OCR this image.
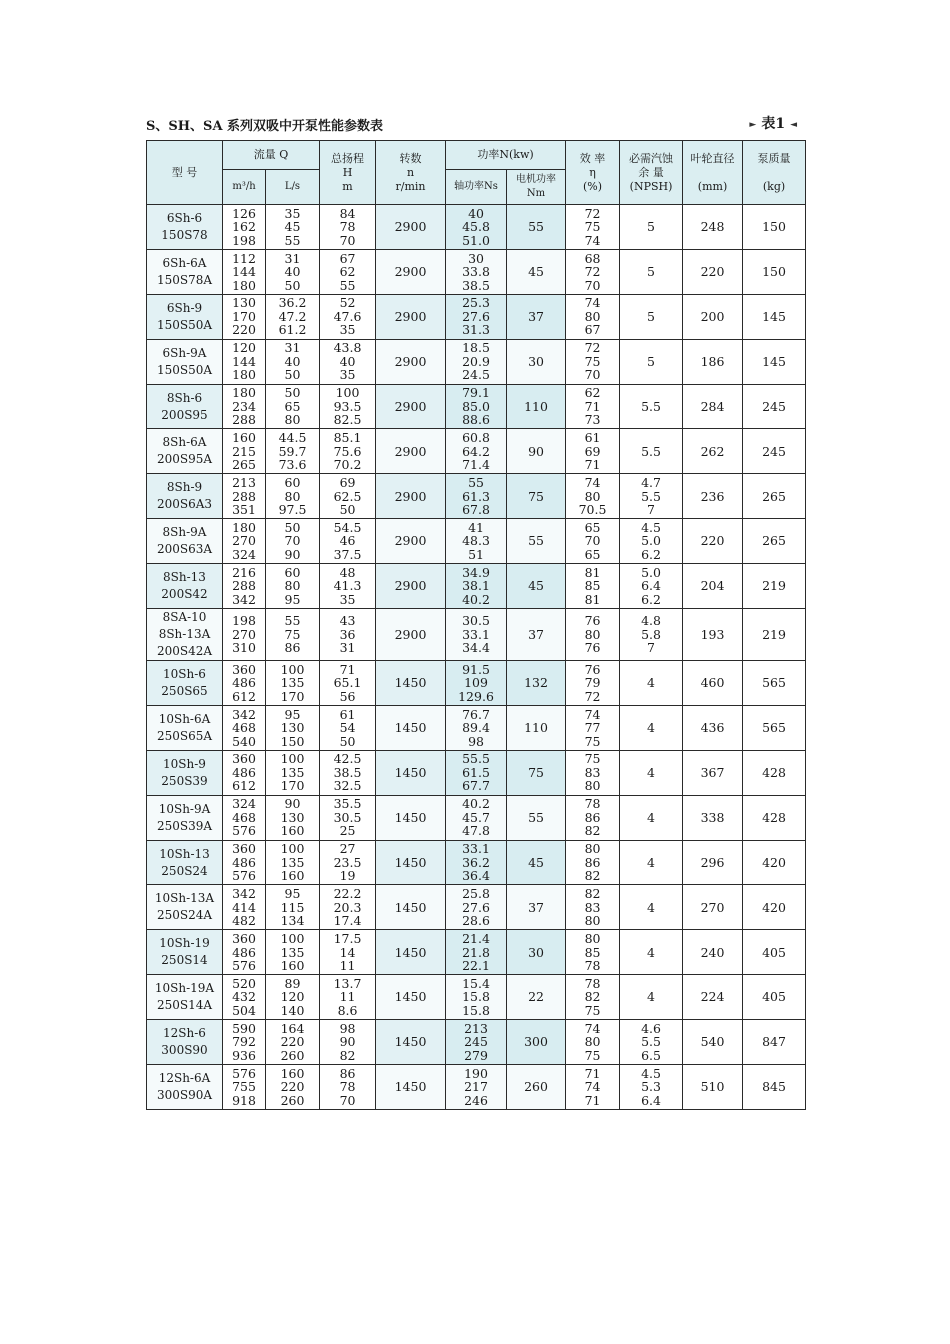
S、SH、SA 系列双吸中开泵性能参数表	► 表1 ◄
型 号	流量 Q		总扬程
H
m	转数
n
r/min	功率N(kw)		效 率
η
(%)	必需汽蚀
余 量
(NPSH)	叶轮直径

(mm)	泵质量

(kg)
	m³/h	L/s			轴功率Ns	电机功率Nm				

6Sh-6
150S78	126
162
198	35
45
55	84
78
70	2900	40
45.8
51.0	55	72
75
74	5	248	150

6Sh-6A
150S78A	112
144
180	31
40
50	67
62
55	2900	30
33.8
38.5	45	68
72
70	5	220	150

6Sh-9
150S50A	130
170
220	36.2
47.2
61.2	52
47.6
35	2900	25.3
27.6
31.3	37	74
80
67	5	200	145

6Sh-9A
150S50A	120
144
180	31
40
50	43.8
40
35	2900	18.5
20.9
24.5	30	72
75
70	5	186	145

8Sh-6
200S95	180
234
288	50
65
80	100
93.5
82.5	2900	79.1
85.0
88.6	110	62
71
73	5.5	284	245

8Sh-6A
200S95A	160
215
265	44.5
59.7
73.6	85.1
75.6
70.2	2900	60.8
64.2
71.4	90	61
69
71	5.5	262	245

8Sh-9
200S6A3	213
288
351	60
80
97.5	69
62.5
50	2900	55
61.3
67.8	75	74
80
70.5	4.7
5.5
7	236	265

8Sh-9A
200S63A	180
270
324	50
70
90	54.5
46
37.5	2900	41
48.3
51	55	65
70
65	4.5
5.0
6.2	220	265

8Sh-13
200S42	216
288
342	60
80
95	48
41.3
35	2900	34.9
38.1
40.2	45	81
85
81	5.0
6.4
6.2	204	219

8SA-10
8Sh-13A
200S42A	198
270
310	55
75
86	43
36
31	2900	30.5
33.1
34.4	37	76
80
76	4.8
5.8
7	193	219

10Sh-6
250S65	360
486
612	100
135
170	71
65.1
56	1450	91.5
109
129.6	132	76
79
72	4	460	565

10Sh-6A
250S65A	342
468
540	95
130
150	61
54
50	1450	76.7
89.4
98	110	74
77
75	4	436	565

10Sh-9
250S39	360
486
612	100
135
170	42.5
38.5
32.5	1450	55.5
61.5
67.7	75	75
83
80	4	367	428

10Sh-9A
250S39A	324
468
576	90
130
160	35.5
30.5
25	1450	40.2
45.7
47.8	55	78
86
82	4	338	428

10Sh-13
250S24	360
486
576	100
135
160	27
23.5
19	1450	33.1
36.2
36.4	45	80
86
82	4	296	420

10Sh-13A
250S24A	342
414
482	95
115
134	22.2
20.3
17.4	1450	25.8
27.6
28.6	37	82
83
80	4	270	420

10Sh-19
250S14	360
486
576	100
135
160	17.5
14
11	1450	21.4
21.8
22.1	30	80
85
78	4	240	405

10Sh-19A
250S14A	520
432
504	89
120
140	13.7
11
8.6	1450	15.4
15.8
15.8	22	78
82
75	4	224	405

12Sh-6
300S90	590
792
936	164
220
260	98
90
82	1450	213
245
279	300	74
80
75	4.6
5.5
6.5	540	847

12Sh-6A
300S90A	576
755
918	160
220
260	86
78
70	1450	190
217
246	260	71
74
71	4.5
5.3
6.4	510	845
